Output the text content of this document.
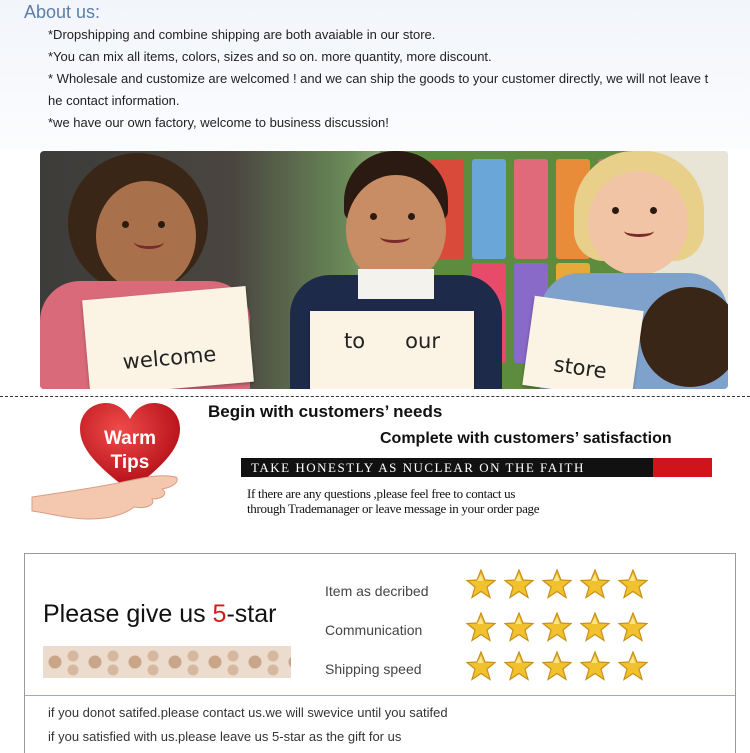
About us:
*Dropshipping and combine shipping are both avaiable in our store.
*You can mix all items, colors, sizes and so on. more quantity, more discount.
* Wholesale and customize are welcomed ! and we can ship the goods to your customer directly, we will not leave t
he contact information.
*we have our own factory, welcome to business discussion!
welcome
to      our
store
Warm
Tips
Begin with customers’ needs
Complete with customers’ satisfaction
TAKE HONESTLY AS NUCLEAR ON THE FAITH
If there are any questions ,please feel free to contact us
through Trademanager or leave message in your order page
Please give us 5-star
Item as decribed
Communication
Shipping speed
if you donot satifed.please contact us.we will swevice until you satifed
if you satisfied with us.please leave us 5-star as the gift for us
